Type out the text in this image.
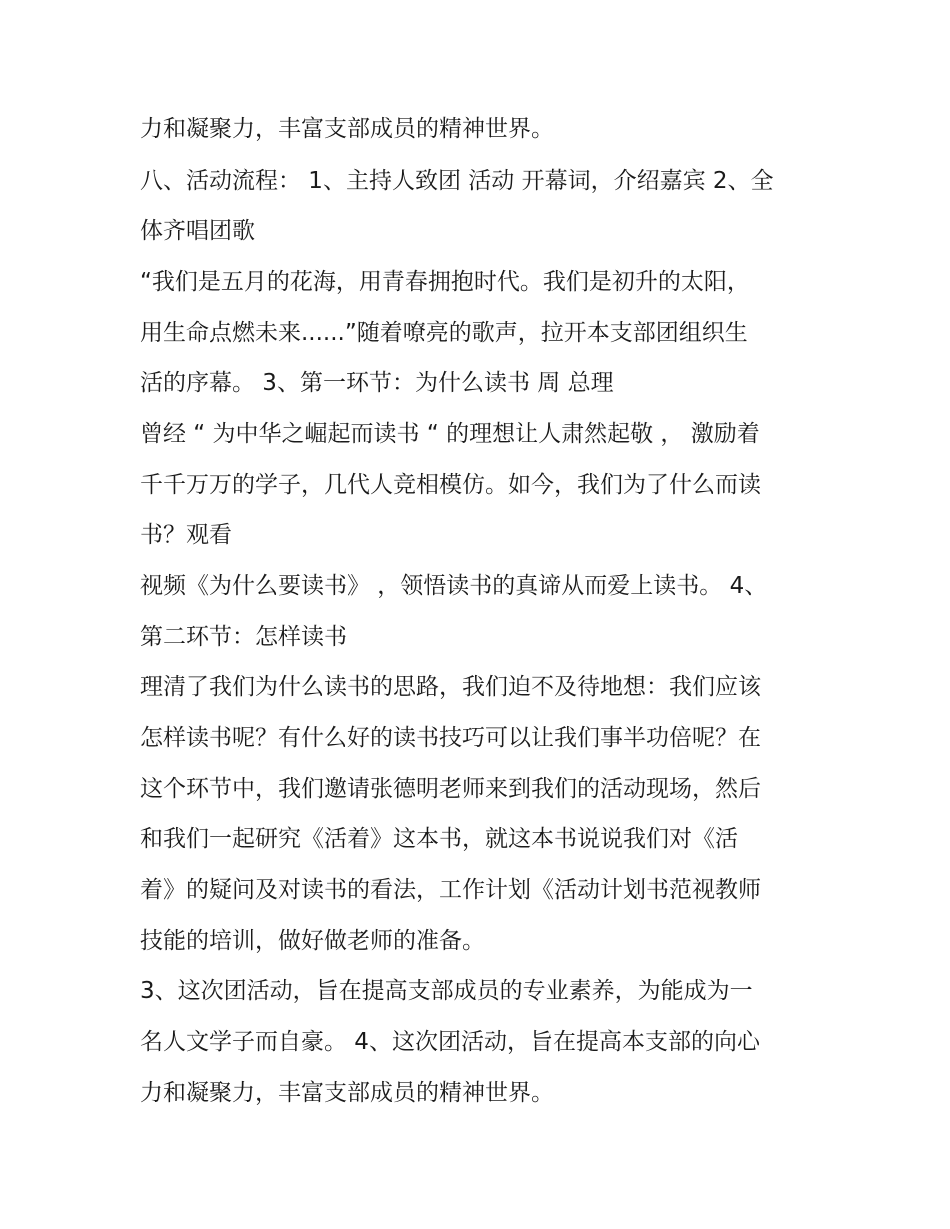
力和凝聚力，丰富支部成员的精神世界。
八、活动流程： 1、主持人致团 活动 开幕词，介绍嘉宾 2、全
体齐唱团歌
“我们是五月的花海，用青春拥抱时代。我们是初升的太阳，
用生命点燃未来......”随着嘹亮的歌声，拉开本支部团组织生
活的序幕。 3、第一环节：为什么读书 周 总理
曾经 “ 为中华之崛起而读书 “ 的理想让人肃然起敬 ， 激励着
千千万万的学子，几代人竞相模仿。如今，我们为了什么而读
书？观看
视频《为什么要读书》 ，领悟读书的真谛从而爱上读书。 4、
第二环节：怎样读书
理清了我们为什么读书的思路，我们迫不及待地想：我们应该
怎样读书呢？有什么好的读书技巧可以让我们事半功倍呢？在
这个环节中，我们邀请张德明老师来到我们的活动现场，然后
和我们一起研究《活着》这本书，就这本书说说我们对《活
着》的疑问及对读书的看法，工作计划《活动计划书范视教师
技能的培训，做好做老师的准备。
3、这次团活动，旨在提高支部成员的专业素养，为能成为一
名人文学子而自豪。 4、这次团活动，旨在提高本支部的向心
力和凝聚力，丰富支部成员的精神世界。
